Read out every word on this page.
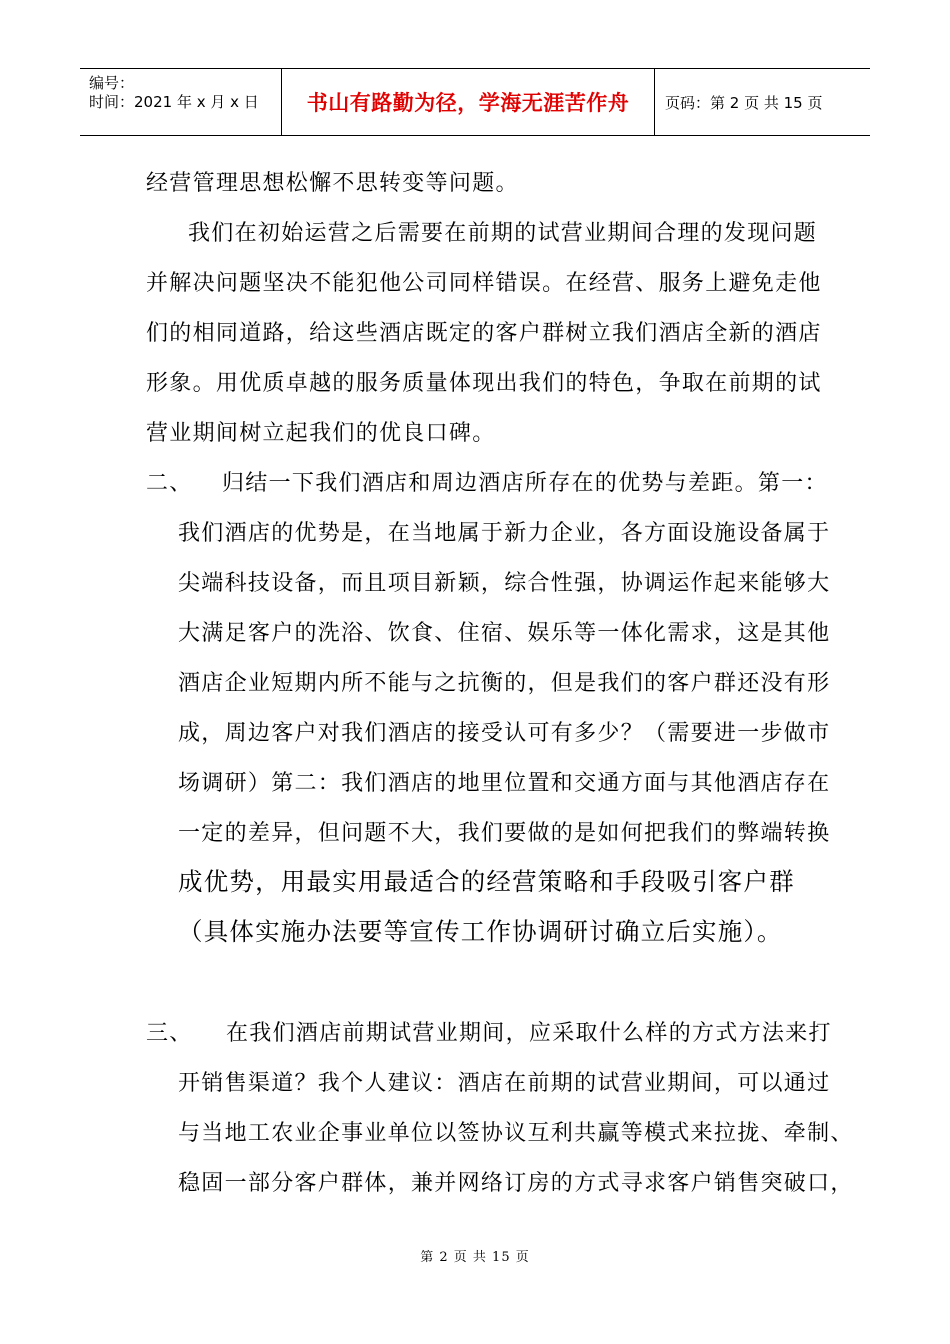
编号：
时间：2021 年 x 月 x 日 书山有路勤为径，学海无涯苦作舟 页码：第 2 页 共 15 页
经营管理思想松懈不思转变等问题。
我们在初始运营之后需要在前期的试营业期间合理的发现问题
并解决问题坚决不能犯他公司同样错误。在经营、服务上避免走他
们的相同道路，给这些酒店既定的客户群树立我们酒店全新的酒店
形象。用优质卓越的服务质量体现出我们的特色，争取在前期的试
营业期间树立起我们的优良口碑。
二、 归结一下我们酒店和周边酒店所存在的优势与差距。第一：
我们酒店的优势是，在当地属于新力企业，各方面设施设备属于
尖端科技设备，而且项目新颖，综合性强，协调运作起来能够大
大满足客户的洗浴、饮食、住宿、娱乐等一体化需求，这是其他
酒店企业短期内所不能与之抗衡的，但是我们的客户群还没有形
成，周边客户对我们酒店的接受认可有多少？（需要进一步做市
场调研）第二：我们酒店的地里位置和交通方面与其他酒店存在
一定的差异，但问题不大，我们要做的是如何把我们的弊端转换
成优势，用最实用最适合的经营策略和手段吸引客户群
（具体实施办法要等宣传工作协调研讨确立后实施）。
三、 在我们酒店前期试营业期间，应采取什么样的方式方法来打
开销售渠道？我个人建议：酒店在前期的试营业期间，可以通过
与当地工农业企事业单位以签协议互利共赢等模式来拉拢、牵制、
稳固一部分客户群体，兼并网络订房的方式寻求客户销售突破口，
第 2 页 共 15 页
